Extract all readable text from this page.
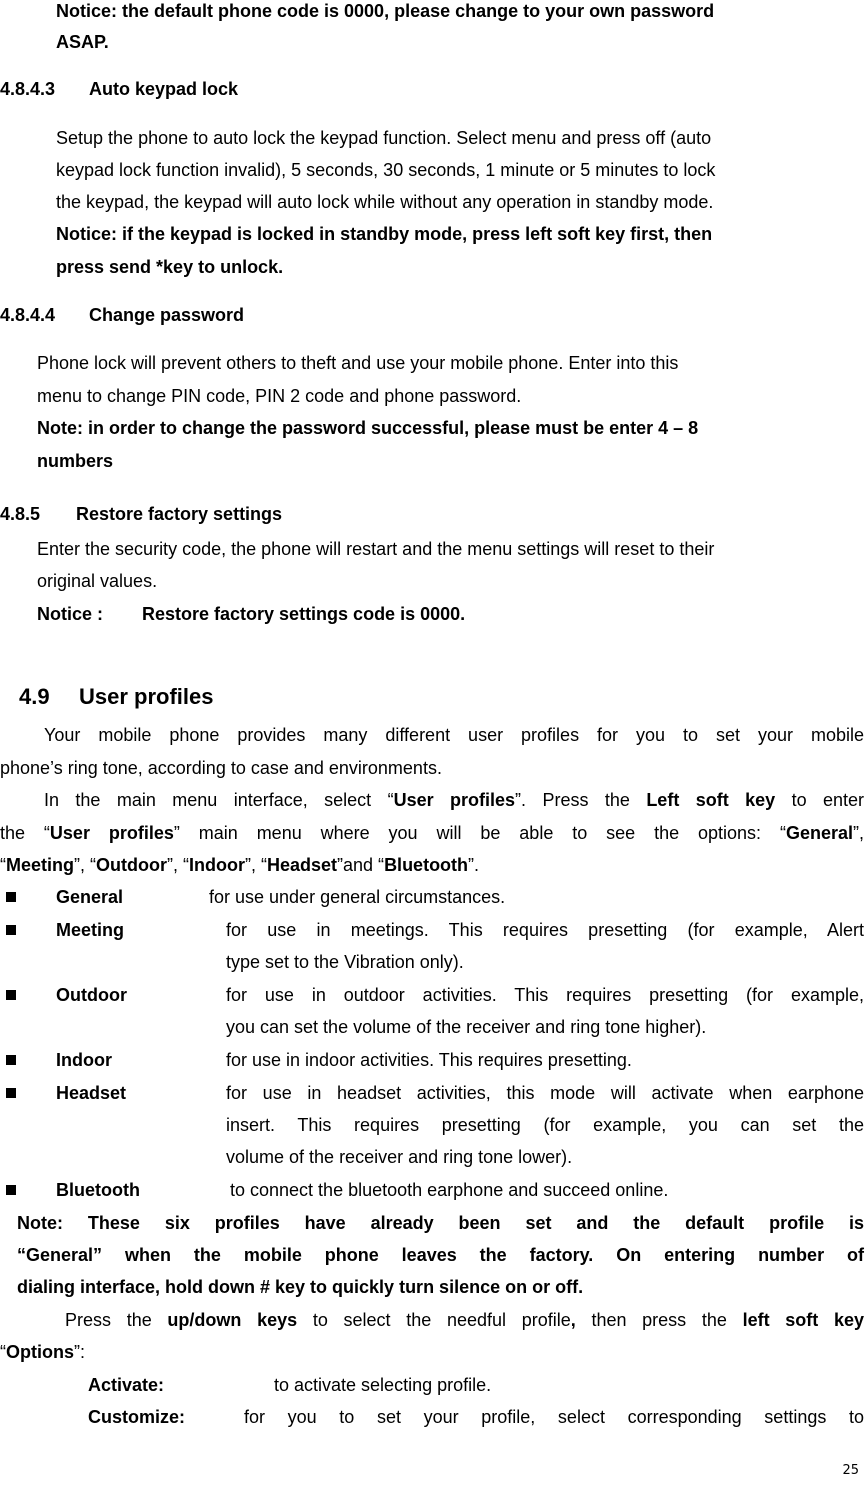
Notice: the default phone code is 0000, please change to your own password
ASAP.
4.8.4.3 Auto keypad lock
Setup the phone to auto lock the keypad function. Select menu and press off (auto
keypad lock function invalid), 5 seconds, 30 seconds, 1 minute or 5 minutes to lock
the keypad, the keypad will auto lock while without any operation in standby mode.
Notice: if the keypad is locked in standby mode, press left soft key first, then
press send *key to unlock.
4.8.4.4 Change password
Phone lock will prevent others to theft and use your mobile phone. Enter into this
menu to change PIN code, PIN 2 code and phone password.
Note: in order to change the password successful, please must be enter 4 – 8
numbers
4.8.5 Restore factory settings
Enter the security code, the phone will restart and the menu settings will reset to their
original values.
Notice : Restore factory settings code is 0000.
4.9 User profiles
Your mobile phone provides many different user profiles for you to set your mobile
phone’s ring tone, according to case and environments.
In the main menu interface, select “User profiles”. Press the Left soft key to enter
the “User profiles” main menu where you will be able to see the options: “General”,
“Meeting”, “Outdoor”, “Indoor”, “Headset”and “Bluetooth”.
General	for use under general circumstances.
Meeting	for use in meetings. This requires presetting (for example, Alert
type set to the Vibration only).
Outdoor	for use in outdoor activities. This requires presetting (for example,
you can set the volume of the receiver and ring tone higher).
Indoor	for use in indoor activities. This requires presetting.
Headset	for use in headset activities, this mode will activate when earphone
insert. This requires presetting (for example, you can set the
volume of the receiver and ring tone lower).
Bluetooth	to connect the bluetooth earphone and succeed online.
Note: These six profiles have already been set and the default profile is
“General” when the mobile phone leaves the factory. On entering number of
dialing interface, hold down # key to quickly turn silence on or off.
Press the up/down keys to select the needful profile, then press the left soft key
“Options”:
Activate:	to activate selecting profile.
Customize:	for you to set your profile, select corresponding settings to
25
